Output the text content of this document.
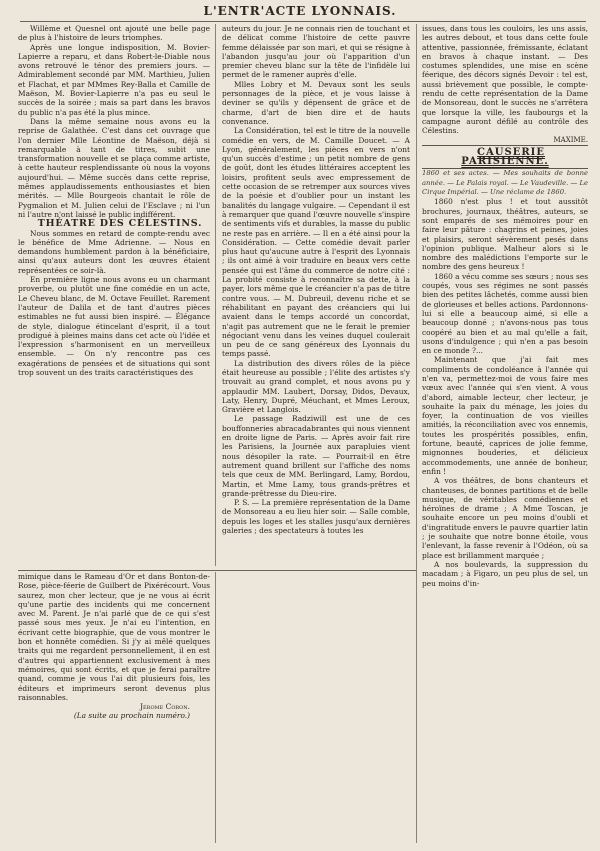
L'ENTR'ACTE LYONNAIS.

Willème et Quesnel ont ajouté une belle page de plus à l'histoire de leurs triomphes.

Après une longue indisposition, M. Bovier-Lapierre a reparu, et dans Robert-le-Diable nous avons retrouvé le ténor des premiers jours. — Admirablement secondé par MM. Marthieu, Julien et Flachat, et par MMmes Rey-Balla et Camille de Maëson, M. Bovier-Lapierre n'a pas eu seul le succès de la soirée ; mais sa part dans les bravos du public n'a pas été la plus mince.

Dans la même semaine nous avons eu la reprise de Galathée. C'est dans cet ouvrage que l'on dernier Mlle Léontine de Maëson, déjà si remarquable à tant de titres, subit une transformation nouvelle et se plaça comme artiste, à cette hauteur resplendissante où nous la voyons aujourd'hui. — Même succès dans cette reprise, mêmes applaudissements enthousiastes et bien mérités. — Mlle Bourgeois chantait le rôle de Pygmalion et M. Julien celui de l'Esclave ; ni l'un ni l'autre n'ont laissé le public indifférent.

THÉATRE DES CÉLESTINS.

Nous sommes en retard de compte-rendu avec le bénéfice de Mme Adrienne. — Nous en demandons humblement pardon à la bénéficiaire, ainsi qu'aux auteurs dont les œuvres étaient représentées ce soir-là.

En première ligne nous avons eu un charmant proverbe, ou plutôt une fine comédie en un acte, Le Cheveu blanc, de M. Octave Feuillet. Rarement l'auteur de Dalila et de tant d'autres pièces estimables ne fut aussi bien inspiré. — Élégance de style, dialogue étincelant d'esprit, il a tout prodigué à pleines mains dans cet acte où l'idée et l'expression s'harmonisent en un merveilleux ensemble. — On n'y rencontre pas ces exagérations de pensées et de situations qui sont trop souvent un des traits caractéristiques des

auteurs du jour. Je ne connais rien de touchant et de délicat comme l'histoire de cette pauvre femme délaissée par son mari, et qui se résigne à l'abandon jusqu'au jour où l'apparition d'un premier cheveu blanc sur la tête de l'infidèle lui permet de le ramener auprès d'elle.

Mlles Lobry et M. Devaux sont les seuls personnages de la pièce, et je vous laisse à deviner se qu'ils y dépensent de grâce et de charme, d'art de bien dire et de hauts convenance.

La Considération, tel est le titre de la nouvelle comédie en vers, de M. Camille Doucet. — A Lyon, généralement, les pièces en vers n'ont qu'un succès d'estime ; un petit nombre de gens de goût, dont les études littéraires acceptent les loisirs, profitent seuls avec empressement de cette occasion de se retremper aux sources vives de la poésie et d'oublier pour un instant les banalités du langage vulgaire. — Cependant il est à remarquer que quand l'œuvre nouvelle s'inspire de sentiments vifs et durables, la masse du public ne reste pas en arrière. — Il en a été ainsi pour la Considération. — Cette comédie devait parler plus haut qu'aucune autre à l'esprit des Lyonnais ; ils ont aimé à voir traduire en beaux vers cette pensée qui est l'âme du commerce de notre cité : La probité consiste à reconnaître sa dette, à la payer, lors même que le créancier n'a pas de titre contre vous. — M. Dubreuil, devenu riche et se réhabilitant en payant des créanciers qui lui avaient dans le temps accordé un concordat, n'agit pas autrement que ne le ferait le premier négociant venu dans les veines duquel coulerait un peu de ce sang généreux des Lyonnais du temps passé.

La distribution des divers rôles de la pièce était heureuse au possible ; l'élite des artistes s'y trouvait au grand complet, et nous avons pu y applaudir MM. Laubert, Dorsay, Didos, Devaux, Laty, Henry, Dupré, Méuchant, et Mmes Leroux, Gravière et Langlois.

Le passage Radziwill est une de ces bouffonneries abracadabrantes qui nous viennent en droite ligne de Paris. — Après avoir fait rire les Parisiens, la Journée aux parapluies vient nous désopiler la rate. — Pourrait-il en être autrement quand brillent sur l'affiche des noms tels que ceux de MM. Berlingard, Lamy, Bordou, Martin, et Mme Lamy, tous grands-prêtres et grande-prêtresse du Dieu-rire.

P. S. — La première représentation de la Dame de Monsoreau a eu lieu hier soir. — Salle comble, depuis les loges et les stalles jusqu'aux dernières galeries ; des spectateurs à toutes les

issues, dans tous les couloirs, les uns assis, les autres debout, et tous dans cette foule attentive, passionnée, frémissante, éclatant en bravos à chaque instant. — Des costumes splendides, une mise en scène féerique, des décors signés Devoir : tel est, aussi brièvement que possible, le compte-rendu de cette représentation de la Dame de Monsoreau, dont le succès ne s'arrêtera que lorsque la ville, les faubourgs et la campagne auront défilé au contrôle des Célestins.

MAXIME.

CAUSERIE PARISIENNE.

1860 et ses actes. — Mes souhaits de bonne année. — Le Palais royal. — Le Vaudeville. — Le Cirque Impérial. — Une réclame de 1860.

1860 n'est plus ! et tout aussitôt brochures, journaux, théâtres, auteurs, se sont emparés de ses mémoires pour en faire leur pâture : chagrins et peines, joies et plaisirs, seront sévèrement pesés dans l'opinion publique. Malheur alors si le nombre des malédictions l'emporte sur le nombre des gens heureux !

1860 a vécu comme ses sœurs ; nous ses coupés, vous ses régimes ne sont passés bien des petites lâchetés, comme aussi bien de glorieuses et belles actions. Pardonnons-lui si elle a beaucoup aimé, si elle a beaucoup donné ; n'avons-nous pas tous coopéré au bien et au mal qu'elle a fait, usons d'indulgence ; qui n'en a pas besoin en ce monde ?...

Maintenant que j'ai fait mes compliments de condoléance à l'année qui n'en va, permettez-moi de vous faire mes vœux avec l'année qui s'en vient. A vous d'abord, aimable lecteur, cher lecteur, je souhaite la paix du ménage, les joies du foyer, la continuation de vos vieilles amitiés, la réconciliation avec vos ennemis, toutes les prospérités possibles, enfin, fortune, beauté, caprices de jolie femme, mignonnes bouderies, et délicieux accommodements, une année de bonheur, enfin !

A vos théâtres, de bons chanteurs et chanteuses, de bonnes partitions et de belle musique, de véritables comédiennes et héroïnes de drame ; A Mme Toscan, je souhaite encore un peu moins d'oubli et d'ingratitude envers le pauvre quartier latin ; je souhaite que notre bonne étoile, vous l'enlevant, la fasse revenir à l'Odéon, où sa place est brillamment marquée ;

A nos boulevards, la suppression du macadam ; à Figaro, un peu plus de sel, un peu moins d'in-

mimique dans le Rameau d'Or et dans Bonton-de-Rose, pièce-féerie de Guilbert de Pixérécourt. Vous saurez, mon cher lecteur, que je ne vous ai écrit qu'une partie des incidents qui me concernent avec M. Parent. Je n'ai parlé que de ce qui s'est passé sous mes yeux. Je n'ai eu l'intention, en écrivant cette biographie, que de vous montrer le bon et honnête comédien. Si j'y ai mêlé quelques traits qui me regardent personnellement, il en est d'autres qui appartiennent exclusivement à mes mémoires, qui sont écrits, et que je ferai paraître quand, comme je vous l'ai dit plusieurs fois, les éditeurs et imprimeurs seront devenus plus raisonnables.

Jérome Coron.

(La suite au prochain numéro.)
